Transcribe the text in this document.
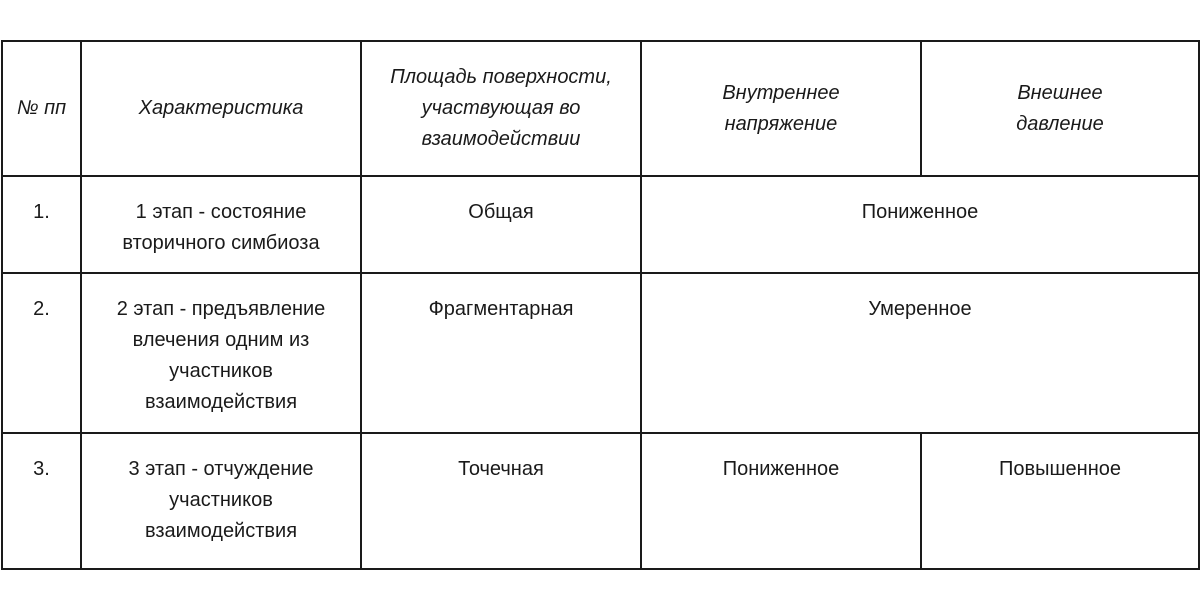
№ пп	Характеристика	Площадь поверхности, участвующая во взаимодействии	Внутреннее напряжение	Внешнее давление
1.	1 этап - состояние вторичного симбиоза	Общая	Пониженное	
2.	2 этап - предъявление влечения одним из участников взаимодействия	Фрагментарная	Умеренное	
3.	3 этап - отчуждение участников взаимодействия	Точечная	Пониженное	Повышенное
